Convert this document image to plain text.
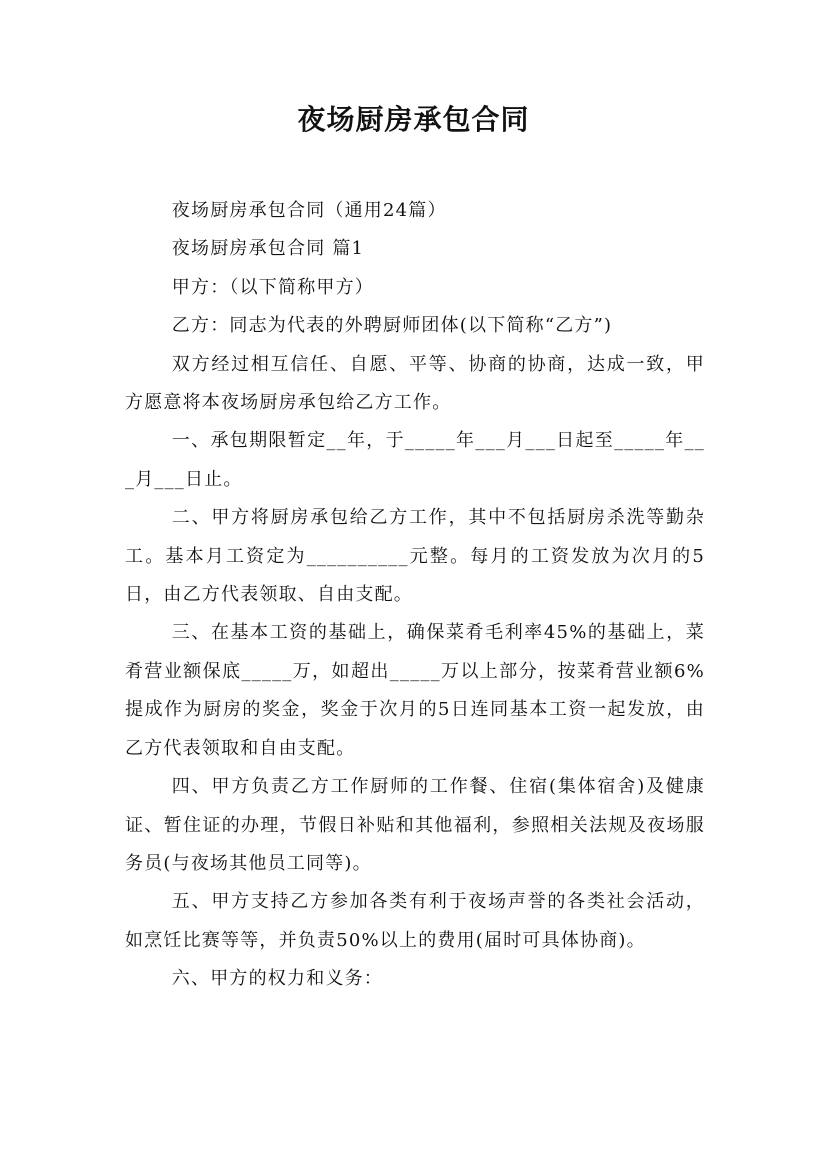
夜场厨房承包合同

夜场厨房承包合同（通用24篇）

夜场厨房承包合同 篇1

甲方：（以下简称甲方）

乙方：同志为代表的外聘厨师团体(以下简称“乙方”)

双方经过相互信任、自愿、平等、协商的协商，达成一致，甲方愿意将本夜场厨房承包给乙方工作。

一、承包期限暂定__年，于_____年___月___日起至_____年___月___日止。

二、甲方将厨房承包给乙方工作，其中不包括厨房杀洗等勤杂工。基本月工资定为__________元整。每月的工资发放为次月的5日，由乙方代表领取、自由支配。

三、在基本工资的基础上，确保菜肴毛利率45%的基础上，菜肴营业额保底_____万，如超出_____万以上部分，按菜肴营业额6%提成作为厨房的奖金，奖金于次月的5日连同基本工资一起发放，由乙方代表领取和自由支配。

四、甲方负责乙方工作厨师的工作餐、住宿(集体宿舍)及健康证、暂住证的办理，节假日补贴和其他福利，参照相关法规及夜场服务员(与夜场其他员工同等)。

五、甲方支持乙方参加各类有利于夜场声誉的各类社会活动，如烹饪比赛等等，并负责50%以上的费用(届时可具体协商)。

六、甲方的权力和义务：
